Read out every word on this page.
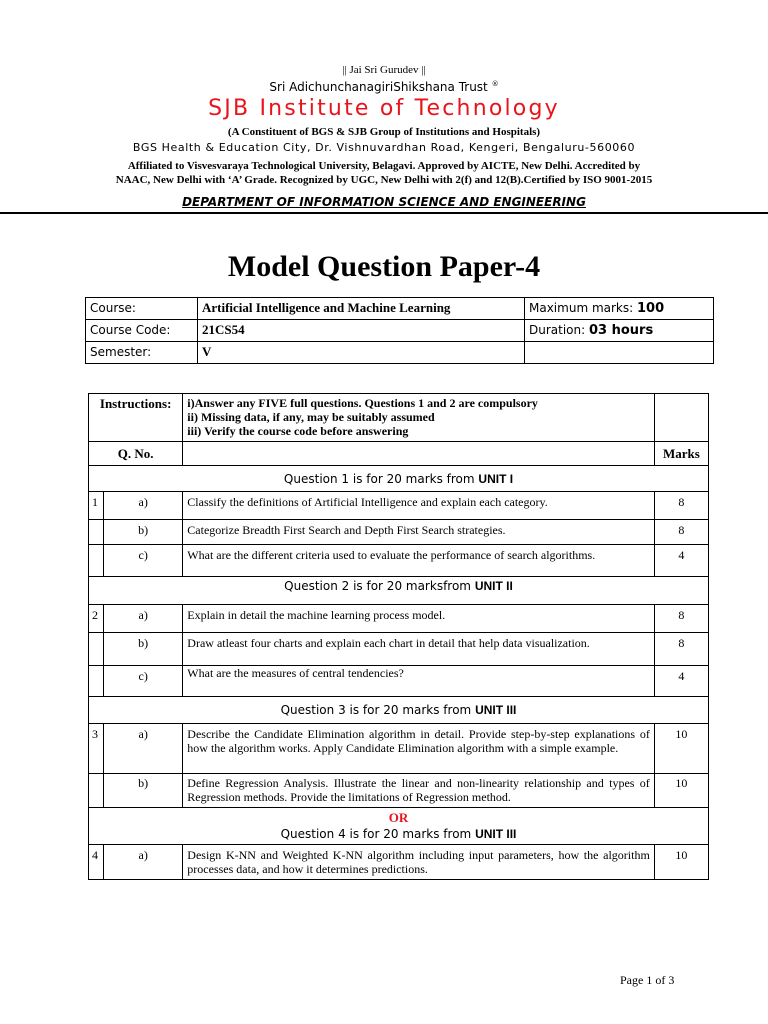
|| Jai Sri Gurudev ||
Sri AdichunchanagiriShikshana Trust ®
SJB Institute of Technology
(A Constituent of BGS & SJB Group of Institutions and Hospitals)
BGS Health & Education City, Dr. Vishnuvardhan Road, Kengeri, Bengaluru-560060
Affiliated to Visvesvaraya Technological University, Belagavi. Approved by AICTE, New Delhi. Accredited by
NAAC, New Delhi with ‘A’ Grade. Recognized by UGC, New Delhi with 2(f) and 12(B).Certified by ISO 9001-2015
DEPARTMENT OF INFORMATION SCIENCE AND ENGINEERING
Model Question Paper-4
Course:	Artificial Intelligence and Machine Learning	Maximum marks: 100
Course Code:	21CS54	Duration: 03 hours
Semester:	V	
Instructions:		i)Answer any FIVE full questions. Questions 1 and 2 are compulsory
ii) Missing data, if any, may be suitably assumed
iii) Verify the course code before answering	

Q. No.			Marks
Question 1 is for 20 marks from UNIT I			
1	a)	Classify the definitions of Artificial Intelligence and explain each category.	8
	b)	Categorize Breadth First Search and Depth First Search strategies.	8
	c)	What are the different criteria used to evaluate the performance of search algorithms.	4
Question 2 is for 20 marksfrom UNIT II			
2	a)	Explain in detail the machine learning process model.	8
	b)	Draw atleast four charts and explain each chart in detail that help data visualization.	8
	c)	What are the measures of central tendencies?	4
Question 3 is for 20 marks from UNIT III			
3	a)	Describe the Candidate Elimination algorithm in detail. Provide step-by-step explanations of how the algorithm works. Apply Candidate Elimination algorithm with a simple example.	10
	b)	Define Regression Analysis. Illustrate the linear and non-linearity relationship and types of Regression methods. Provide the limitations of Regression method.	10

OR
Question 4 is for 20 marks from UNIT III			

4	a)	Design K-NN and Weighted K-NN algorithm including input parameters, how the algorithm processes data, and how it determines predictions.	10
Page 1 of 3
